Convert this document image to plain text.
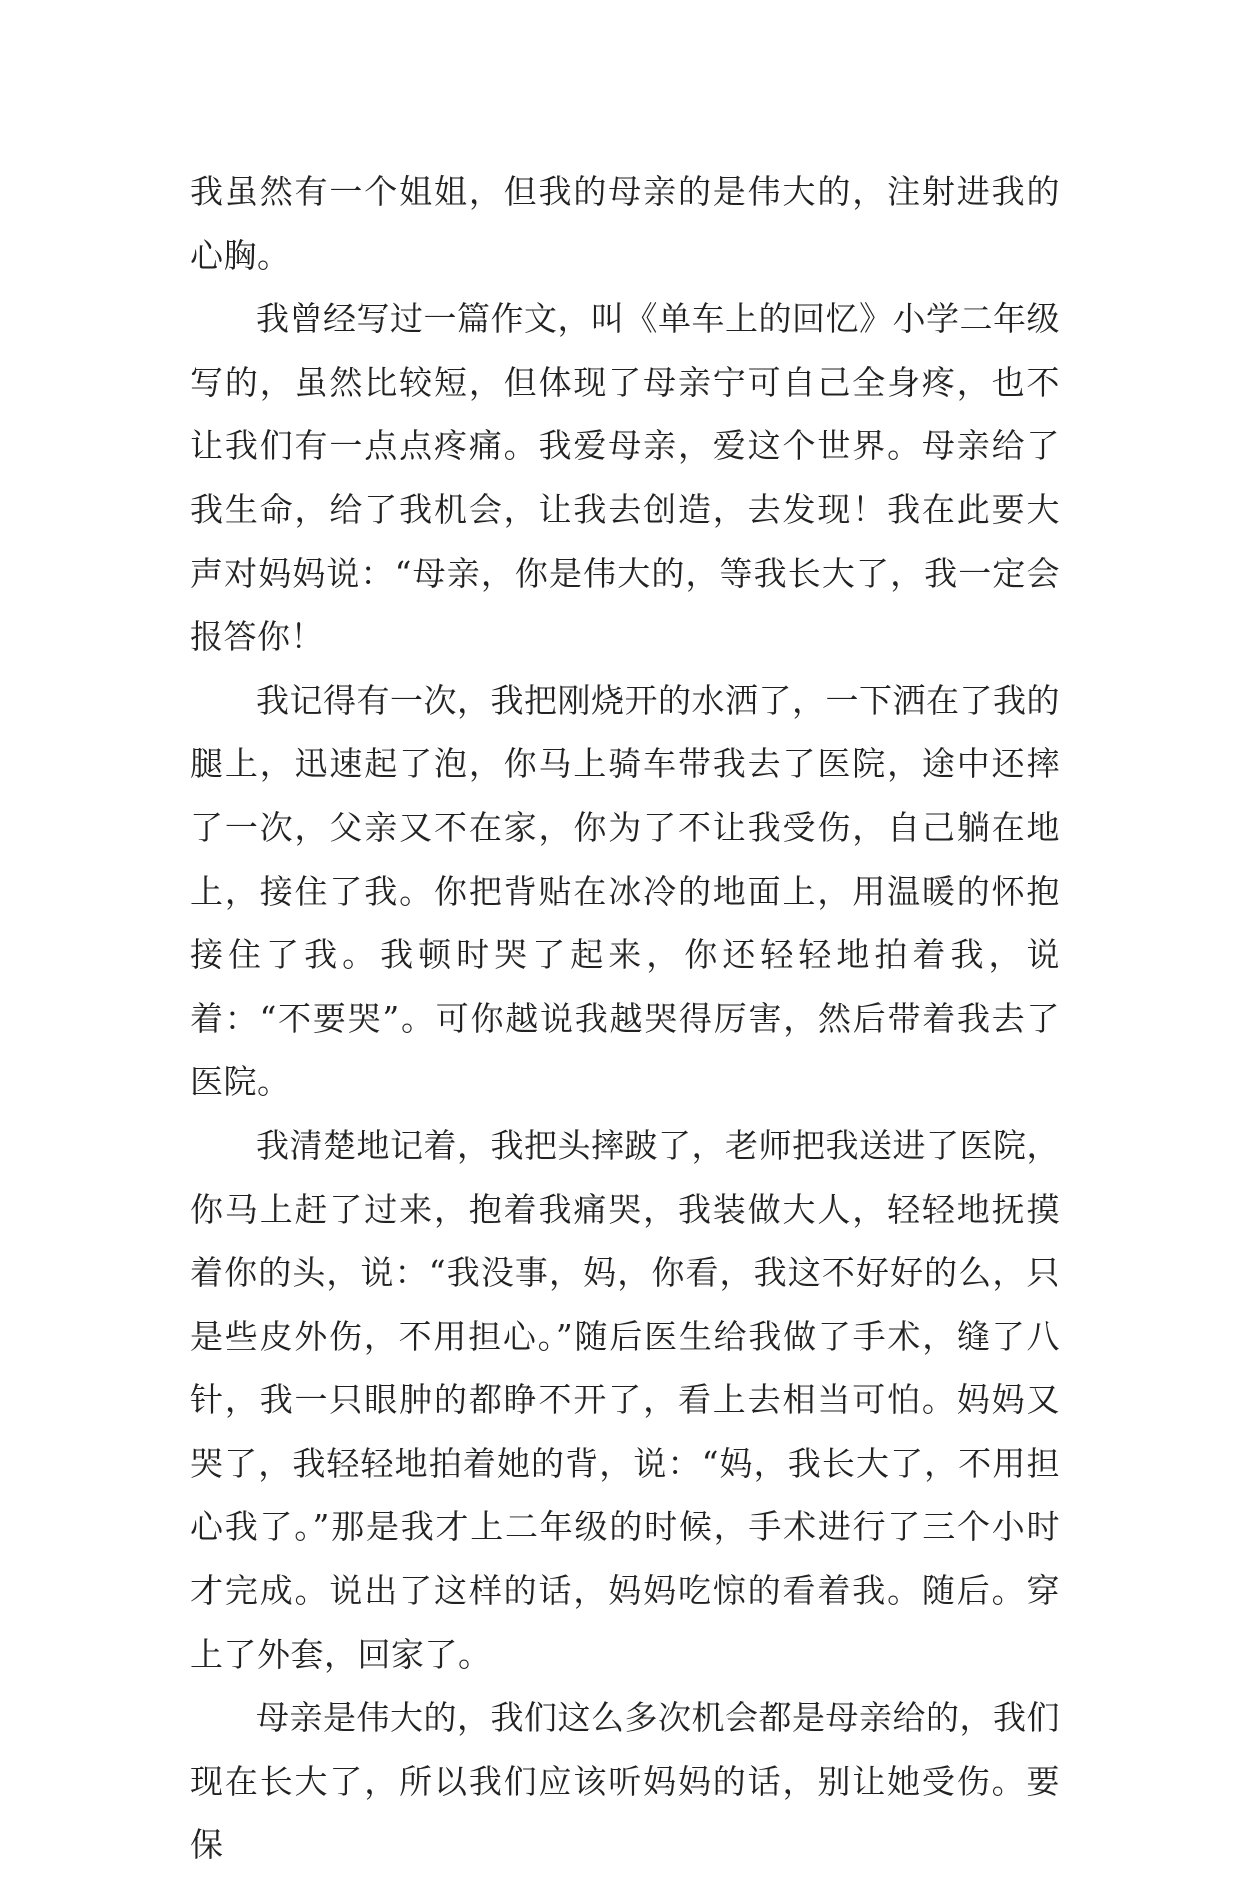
我虽然有一个姐姐，但我的母亲的是伟大的，注射进我的心胸。

我曾经写过一篇作文，叫《单车上的回忆》小学二年级写的，虽然比较短，但体现了母亲宁可自己全身疼，也不让我们有一点点疼痛。我爱母亲，爱这个世界。母亲给了我生命，给了我机会，让我去创造，去发现！我在此要大声对妈妈说：“母亲，你是伟大的，等我长大了，我一定会报答你！

我记得有一次，我把刚烧开的水洒了，一下洒在了我的腿上，迅速起了泡，你马上骑车带我去了医院，途中还摔了一次，父亲又不在家，你为了不让我受伤，自己躺在地上，接住了我。你把背贴在冰冷的地面上，用温暖的怀抱接住了我。我顿时哭了起来，你还轻轻地拍着我，说着：“不要哭”。可你越说我越哭得厉害，然后带着我去了医院。

我清楚地记着，我把头摔跛了，老师把我送进了医院，你马上赶了过来，抱着我痛哭，我装做大人，轻轻地抚摸着你的头，说：“我没事，妈，你看，我这不好好的么，只是些皮外伤，不用担心。”随后医生给我做了手术，缝了八针，我一只眼肿的都睁不开了，看上去相当可怕。妈妈又哭了，我轻轻地拍着她的背，说：“妈，我长大了，不用担心我了。”那是我才上二年级的时候，手术进行了三个小时才完成。说出了这样的话，妈妈吃惊的看着我。随后。穿上了外套，回家了。

母亲是伟大的，我们这么多次机会都是母亲给的，我们现在长大了，所以我们应该听妈妈的话，别让她受伤。要保
